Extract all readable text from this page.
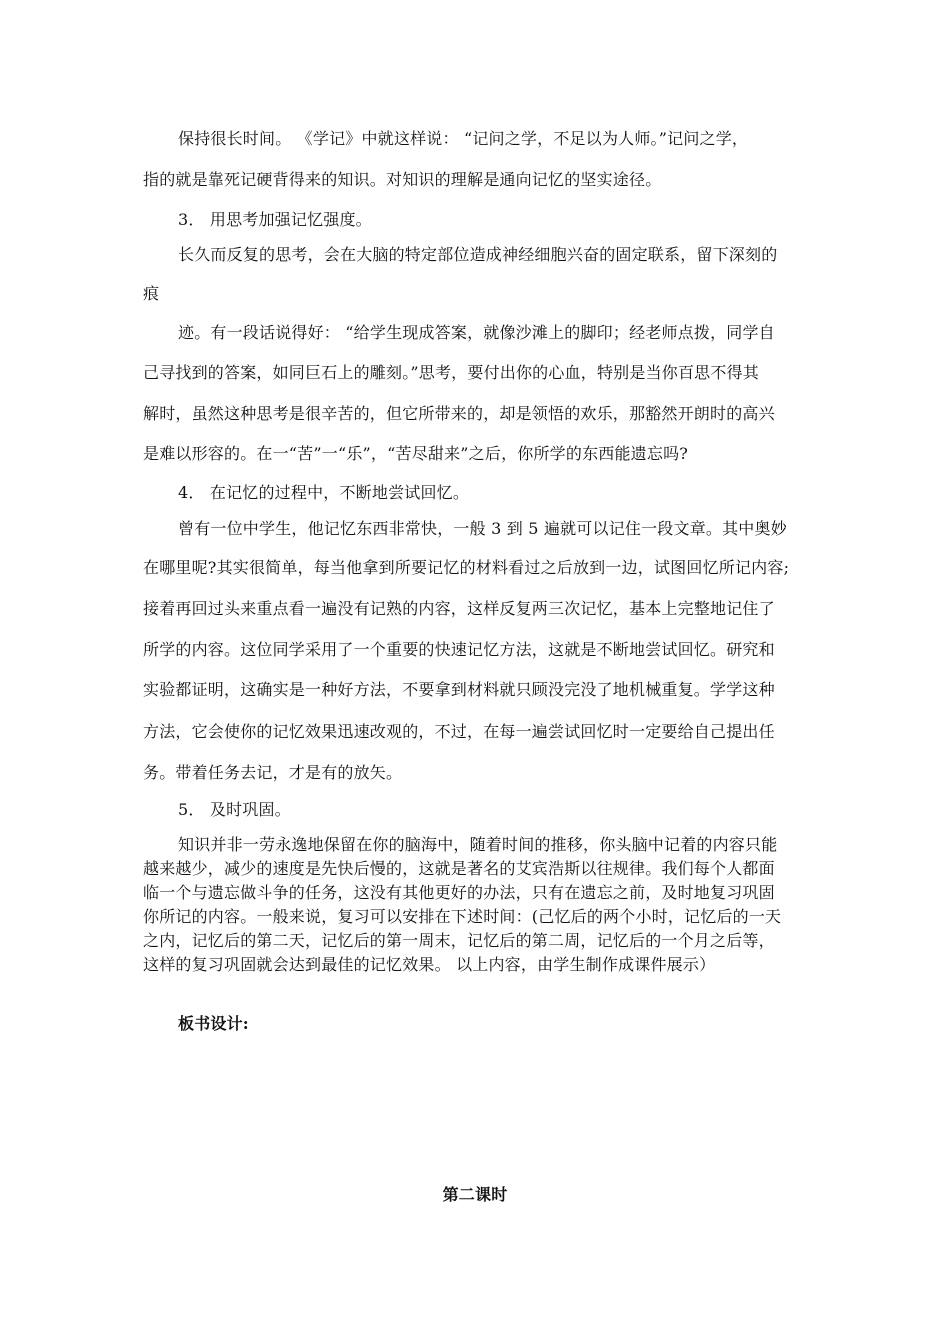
保持很长时间。 《学记》中就这样说： “记问之学，不足以为人师。”记问之学，

指的就是靠死记硬背得来的知识。对知识的理解是通向记忆的坚实途径。

3． 用思考加强记忆强度。

长久而反复的思考，会在大脑的特定部位造成神经细胞兴奋的固定联系，留下深刻的

痕

迹。有一段话说得好： “给学生现成答案，就像沙滩上的脚印；经老师点拨，同学自

己寻找到的答案，如同巨石上的雕刻。”思考，要付出你的心血，特别是当你百思不得其

解时，虽然这种思考是很辛苦的，但它所带来的，却是领悟的欢乐，那豁然开朗时的高兴

是难以形容的。在一“苦”一“乐”，“苦尽甜来”之后，你所学的东西能遗忘吗?

4． 在记忆的过程中，不断地尝试回忆。

曾有一位中学生，他记忆东西非常快，一般 3 到 5 遍就可以记住一段文章。其中奥妙

在哪里呢?其实很简单，每当他拿到所要记忆的材料看过之后放到一边，试图回忆所记内容;

接着再回过头来重点看一遍没有记熟的内容，这样反复两三次记忆，基本上完整地记住了

所学的内容。这位同学采用了一个重要的快速记忆方法，这就是不断地尝试回忆。研究和

实验都证明，这确实是一种好方法，不要拿到材料就只顾没完没了地机械重复。学学这种

方法，它会使你的记忆效果迅速改观的，不过，在每一遍尝试回忆时一定要给自己提出任

务。带着任务去记，才是有的放矢。

5． 及时巩固。

知识并非一劳永逸地保留在你的脑海中，随着时间的推移，你头脑中记着的内容只能

越来越少，减少的速度是先快后慢的，这就是著名的艾宾浩斯以往规律。我们每个人都面

临一个与遗忘做斗争的任务，这没有其他更好的办法，只有在遗忘之前，及时地复习巩固

你所记的内容。一般来说，复习可以安排在下述时间：(己忆后的两个小时，记忆后的一天

之内，记忆后的第二天，记忆后的第一周末，记忆后的第二周，记忆后的一个月之后等，

这样的复习巩固就会达到最佳的记忆效果。 以上内容，由学生制作成课件展示）

板书设计:

第二课时
